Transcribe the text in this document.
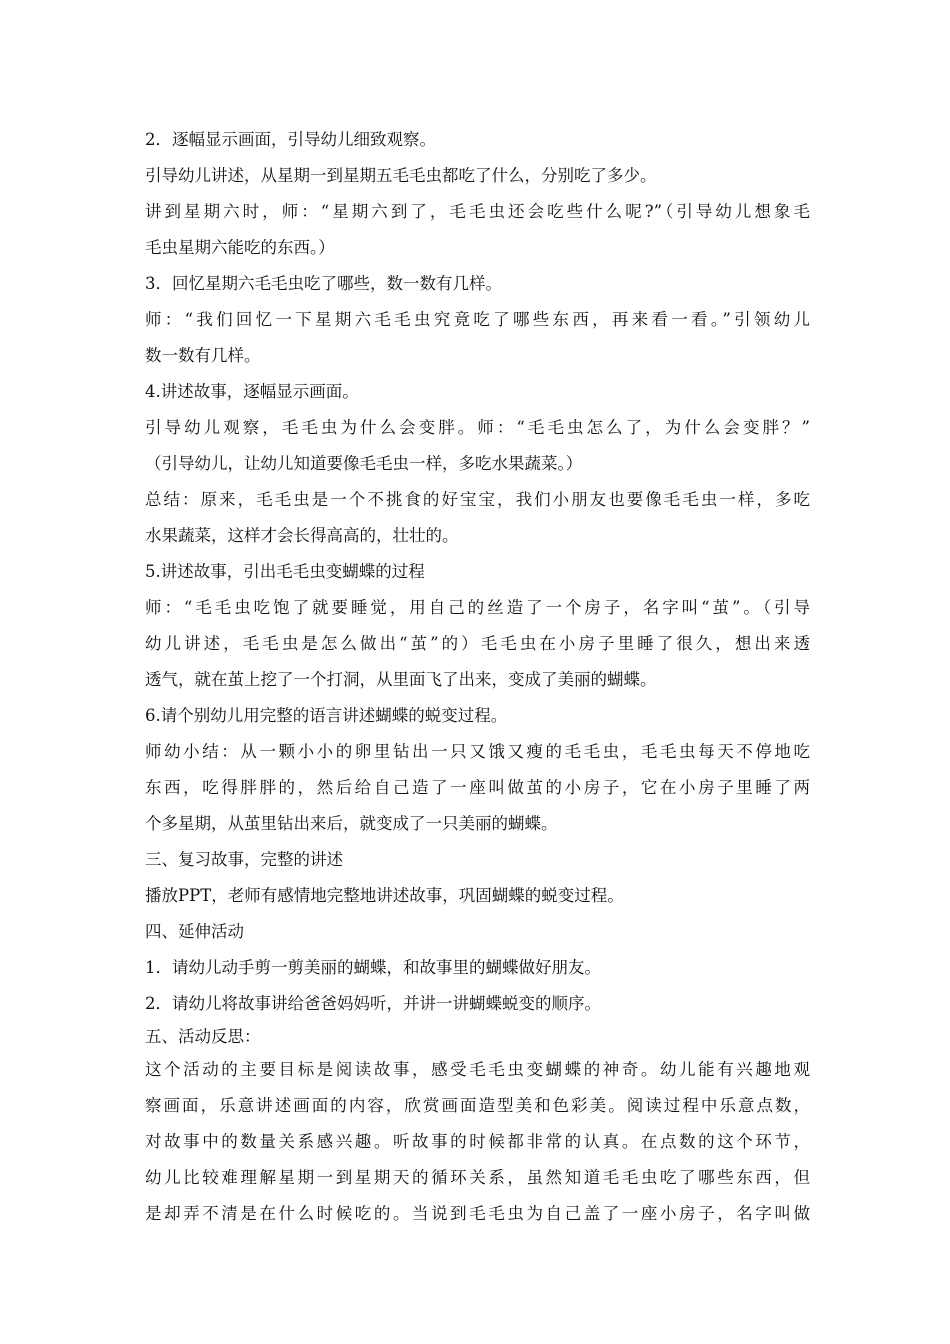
2．逐幅显示画面，引导幼儿细致观察。
引导幼儿讲述，从星期一到星期五毛毛虫都吃了什么，分别吃了多少。
讲到星期六时，师：“星期六到了，毛毛虫还会吃些什么呢?”（引导幼儿想象毛
毛虫星期六能吃的东西。）
3．回忆星期六毛毛虫吃了哪些，数一数有几样。
师：“我们回忆一下星期六毛毛虫究竟吃了哪些东西，再来看一看。”引领幼儿
数一数有几样。
4.讲述故事，逐幅显示画面。
引导幼儿观察，毛毛虫为什么会变胖。师：“毛毛虫怎么了，为什么会变胖？”
（引导幼儿，让幼儿知道要像毛毛虫一样，多吃水果蔬菜。）
总结：原来，毛毛虫是一个不挑食的好宝宝，我们小朋友也要像毛毛虫一样，多吃
水果蔬菜，这样才会长得高高的，壮壮的。
5.讲述故事，引出毛毛虫变蝴蝶的过程
师：“毛毛虫吃饱了就要睡觉，用自己的丝造了一个房子，名字叫“茧”。（引导
幼儿讲述，毛毛虫是怎么做出“茧”的）毛毛虫在小房子里睡了很久，想出来透
透气，就在茧上挖了一个打洞，从里面飞了出来，变成了美丽的蝴蝶。
6.请个别幼儿用完整的语言讲述蝴蝶的蜕变过程。
师幼小结：从一颗小小的卵里钻出一只又饿又瘦的毛毛虫，毛毛虫每天不停地吃
东西，吃得胖胖的，然后给自己造了一座叫做茧的小房子，它在小房子里睡了两
个多星期，从茧里钻出来后，就变成了一只美丽的蝴蝶。
三、复习故事，完整的讲述
播放PPT，老师有感情地完整地讲述故事，巩固蝴蝶的蜕变过程。
四、延伸活动
1．请幼儿动手剪一剪美丽的蝴蝶，和故事里的蝴蝶做好朋友。
2．请幼儿将故事讲给爸爸妈妈听，并讲一讲蝴蝶蜕变的顺序。
五、活动反思：
这个活动的主要目标是阅读故事，感受毛毛虫变蝴蝶的神奇。幼儿能有兴趣地观
察画面，乐意讲述画面的内容，欣赏画面造型美和色彩美。阅读过程中乐意点数，
对故事中的数量关系感兴趣。听故事的时候都非常的认真。在点数的这个环节，
幼儿比较难理解星期一到星期天的循环关系，虽然知道毛毛虫吃了哪些东西，但
是却弄不清是在什么时候吃的。当说到毛毛虫为自己盖了一座小房子，名字叫做
